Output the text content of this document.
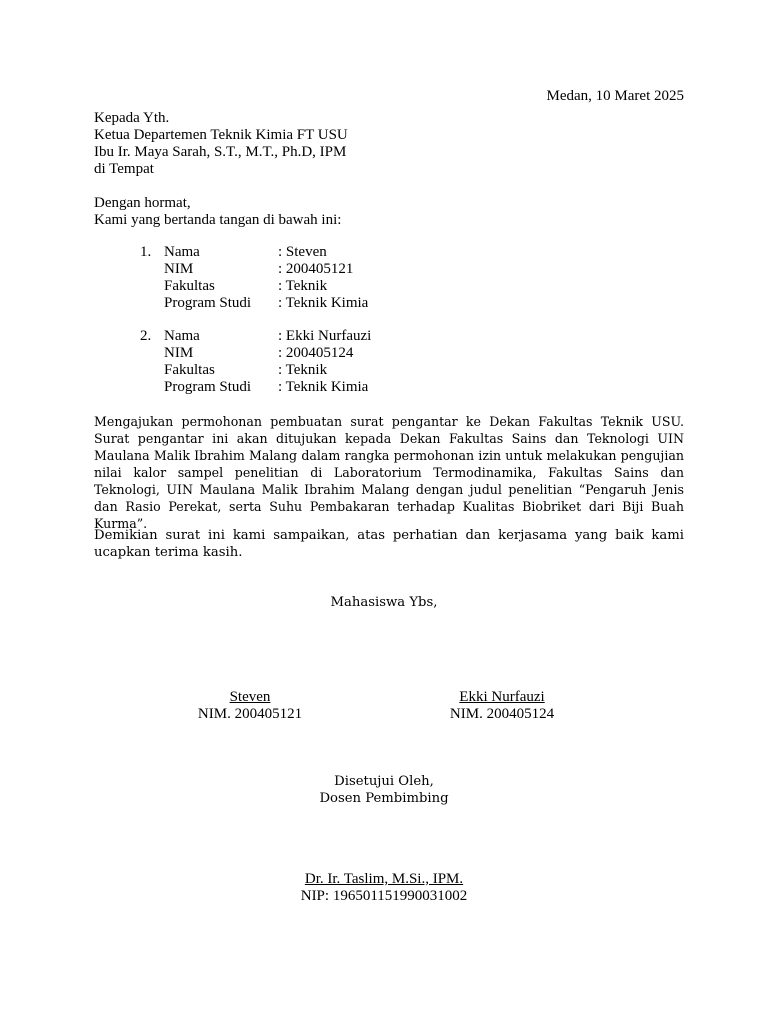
Medan, 10 Maret 2025
Kepada Yth.
Ketua Departemen Teknik Kimia FT USU
Ibu Ir. Maya Sarah, S.T., M.T., Ph.D, IPM
di Tempat
Dengan hormat,
Kami yang bertanda tangan di bawah ini:
1. Nama	: Steven
NIM	: 200405121
Fakultas	: Teknik
Program Studi : Teknik Kimia
2. Nama	: Ekki Nurfauzi
NIM	: 200405124
Fakultas	: Teknik
Program Studi : Teknik Kimia
Mengajukan permohonan pembuatan surat pengantar ke Dekan Fakultas Teknik USU. Surat pengantar ini akan ditujukan kepada Dekan Fakultas Sains dan Teknologi UIN Maulana Malik Ibrahim Malang dalam rangka permohonan izin untuk melakukan pengujian nilai kalor sampel penelitian di Laboratorium Termodinamika, Fakultas Sains dan Teknologi, UIN Maulana Malik Ibrahim Malang dengan judul penelitian “Pengaruh Jenis dan Rasio Perekat, serta Suhu Pembakaran terhadap Kualitas Biobriket dari Biji Buah Kurma”.
Demikian surat ini kami sampaikan, atas perhatian dan kerjasama yang baik kami ucapkan terima kasih.
Mahasiswa Ybs,
Steven
NIM. 200405121
Ekki Nurfauzi
NIM. 200405124
Disetujui Oleh,
Dosen Pembimbing
Dr. Ir. Taslim, M.Si., IPM.
NIP: 196501151990031002
